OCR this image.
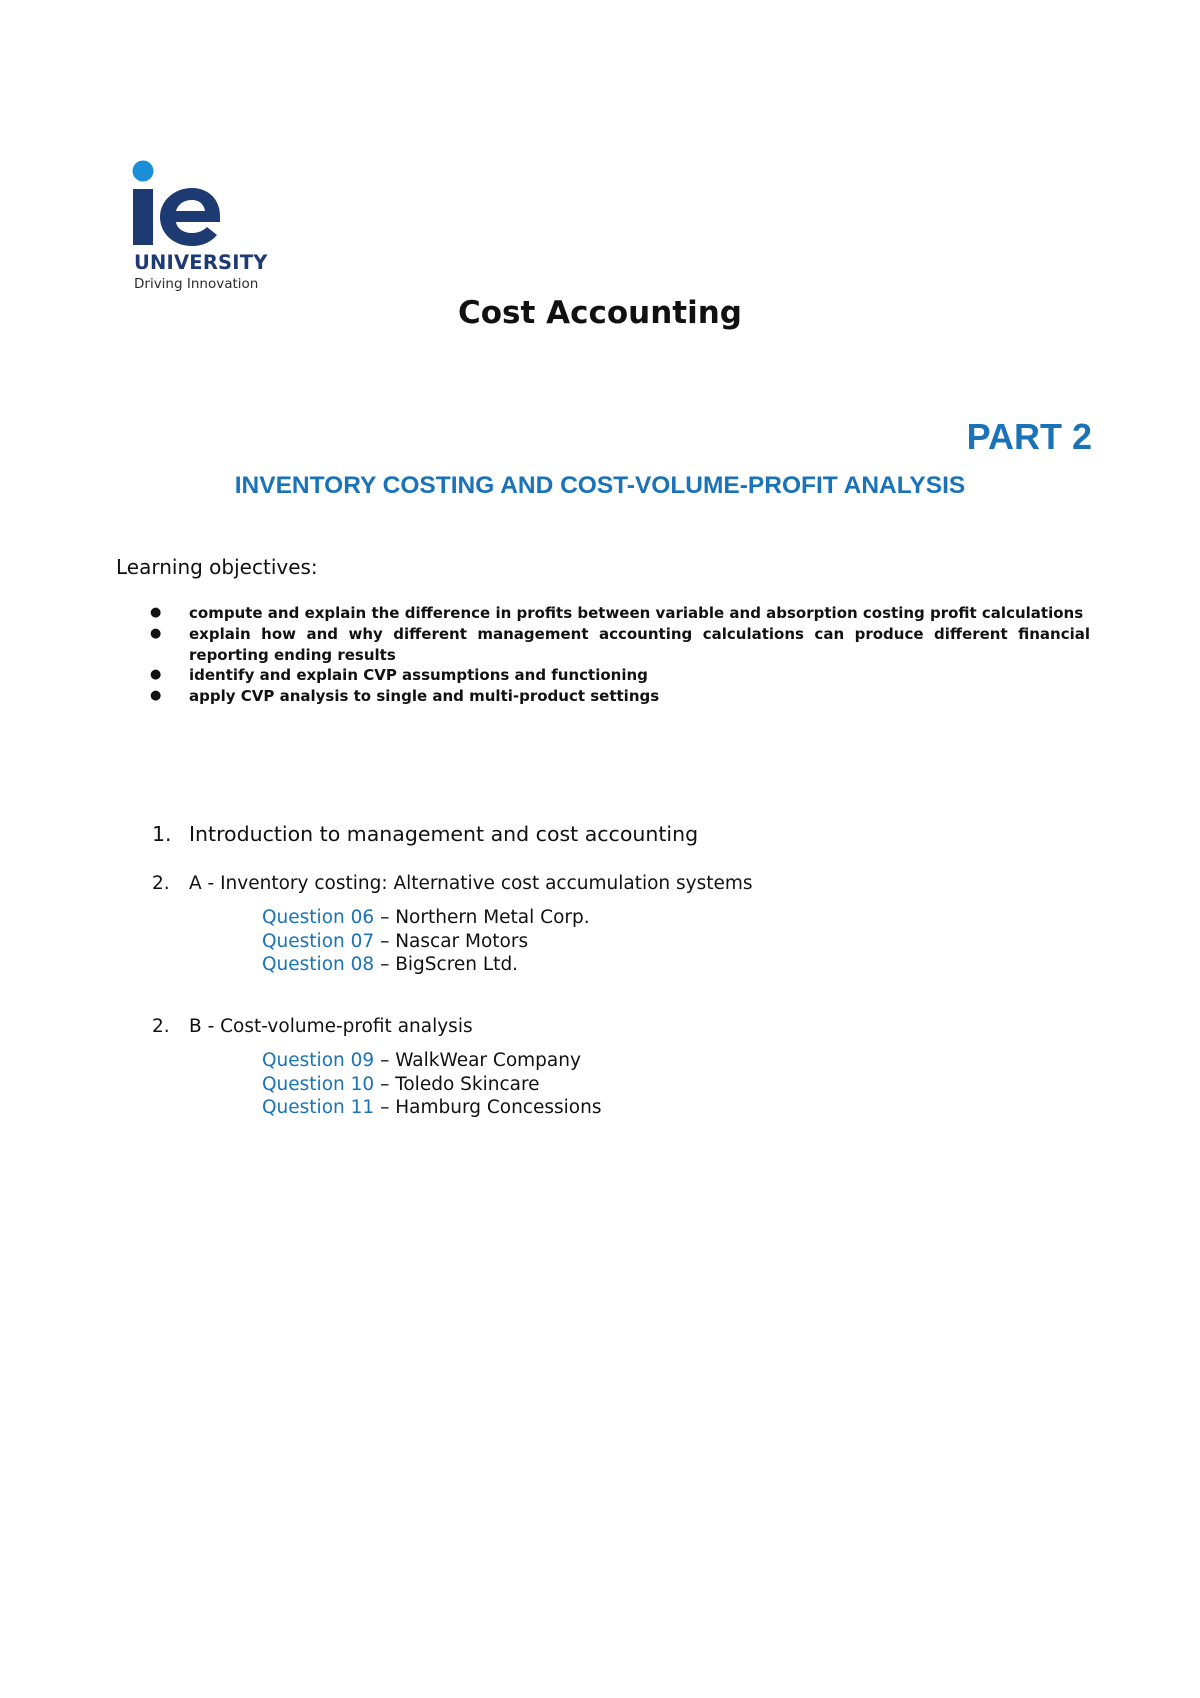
UNIVERSITY
Driving Innovation
Cost Accounting
PART 2
INVENTORY COSTING AND COST-VOLUME-PROFIT ANALYSIS

Learning objectives:

● compute and explain the difference in profits between variable and absorption costing profit calculations
● explain how and why different management accounting calculations can produce different financial reporting ending results
● identify and explain CVP assumptions and functioning
● apply CVP analysis to single and multi-product settings

1. Introduction to management and cost accounting

2. A - Inventory costing: Alternative cost accumulation systems

Question 06 – Northern Metal Corp.
Question 07 – Nascar Motors
Question 08 – BigScren Ltd.

2. B - Cost-volume-profit analysis

Question 09 – WalkWear Company
Question 10 – Toledo Skincare
Question 11 – Hamburg Concessions
